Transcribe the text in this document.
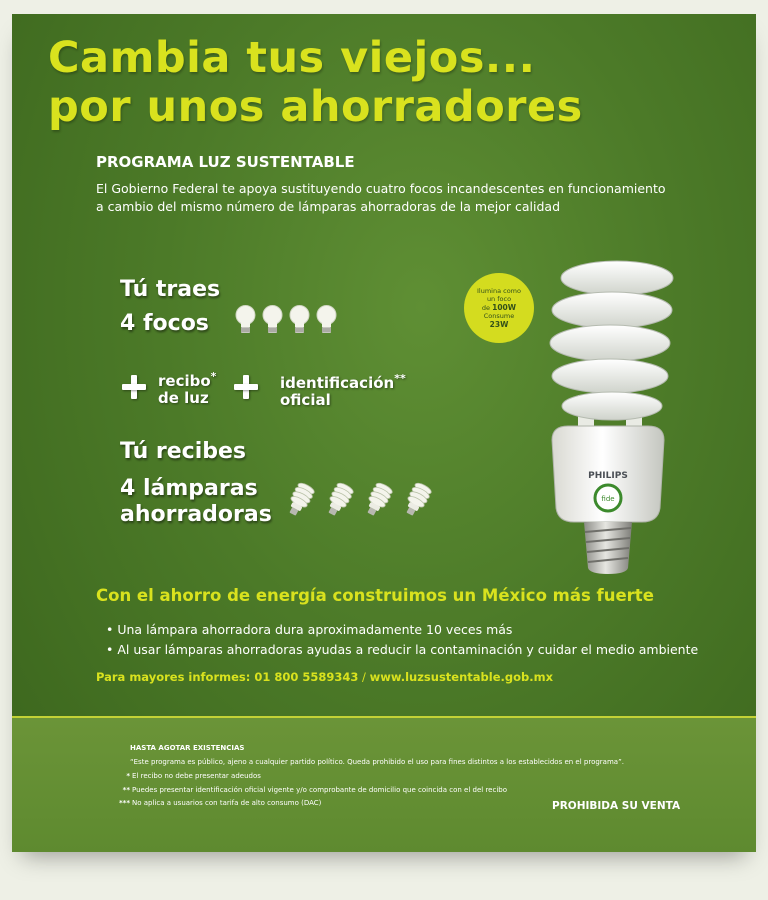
Cambia tus viejos...
por unos ahorradores
PROGRAMA LUZ SUSTENTABLE

El Gobierno Federal te apoya sustituyendo cuatro focos incandescentes en funcionamiento
a cambio del mismo número de lámparas ahorradoras de la mejor calidad

Tú traes
4 focos
recibo*
de luz
identificación**
oficial
Tú recibes
4 lámparas
ahorradoras
Ilumina como
un foco
de 100W
Consume
23W
PHILIPS
fide
Con el ahorro de energía construimos un México más fuerte
• Una lámpara ahorradora dura aproximadamente 10 veces más
• Al usar lámparas ahorradoras ayudas a reducir la contaminación y cuidar el medio ambiente

Para mayores informes: 01 800 5589343 / www.luzsustentable.gob.mx

HASTA AGOTAR EXISTENCIAS
“Este programa es público, ajeno a cualquier partido político. Queda prohibido el uso para fines distintos a los establecidos en el programa”.
* El recibo no debe presentar adeudos
** Puedes presentar identificación oficial vigente y/o comprobante de domicilio que coincida con el del recibo
*** No aplica a usuarios con tarifa de alto consumo (DAC)	PROHIBIDA SU VENTA
